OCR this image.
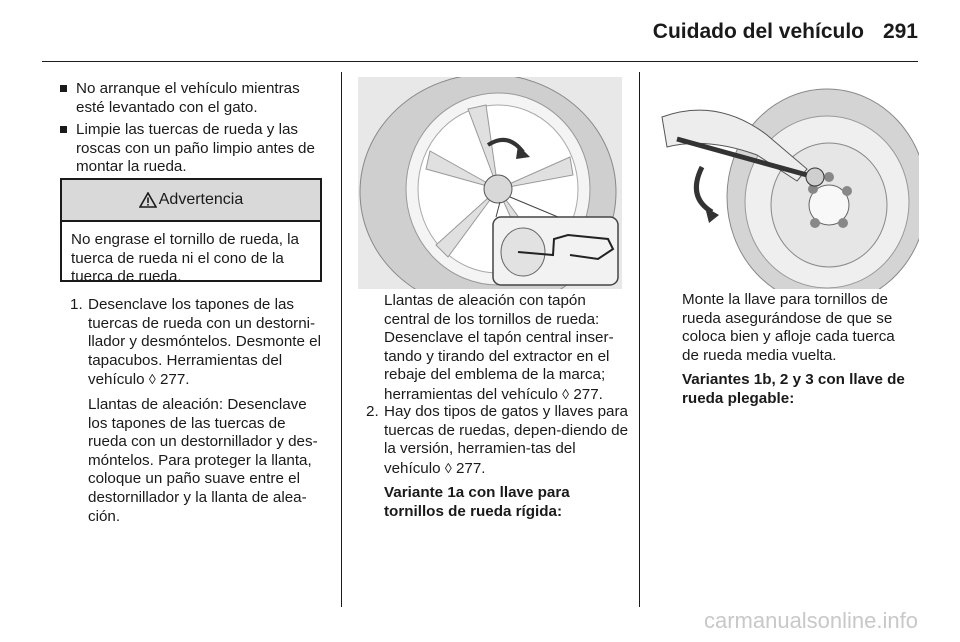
Cuidado del vehículo 291
No arranque el vehículo mientras esté levantado con el gato.
Limpie las tuercas de rueda y las roscas con un paño limpio antes de montar la rueda.
Advertencia
No engrase el tornillo de rueda, la tuerca de rueda ni el cono de la tuerca de rueda.
1. Desenclave los tapones de las tuercas de rueda con un destorni-llador y desmóntelos. Desmonte el tapacubos. Herramientas del vehículo ◊ 277.

Llantas de aleación: Desenclave los tapones de las tuercas de rueda con un destornillador y des-móntelos. Para proteger la llanta, coloque un paño suave entre el destornillador y la llanta de alea-ción.

Llantas de aleación con tapón central de los tornillos de rueda: Desenclave el tapón central inser-tando y tirando del extractor en el rebaje del emblema de la marca; herramientas del vehículo ◊ 277.

2. Hay dos tipos de gatos y llaves para tuercas de ruedas, depen-diendo de la versión, herramien-tas del vehículo ◊ 277.

Variante 1a con llave para tornillos de rueda rígida:

Monte la llave para tornillos de rueda asegurándose de que se coloca bien y afloje cada tuerca de rueda media vuelta.

Variantes 1b, 2 y 3 con llave de rueda plegable:

carmanualsonline.info
